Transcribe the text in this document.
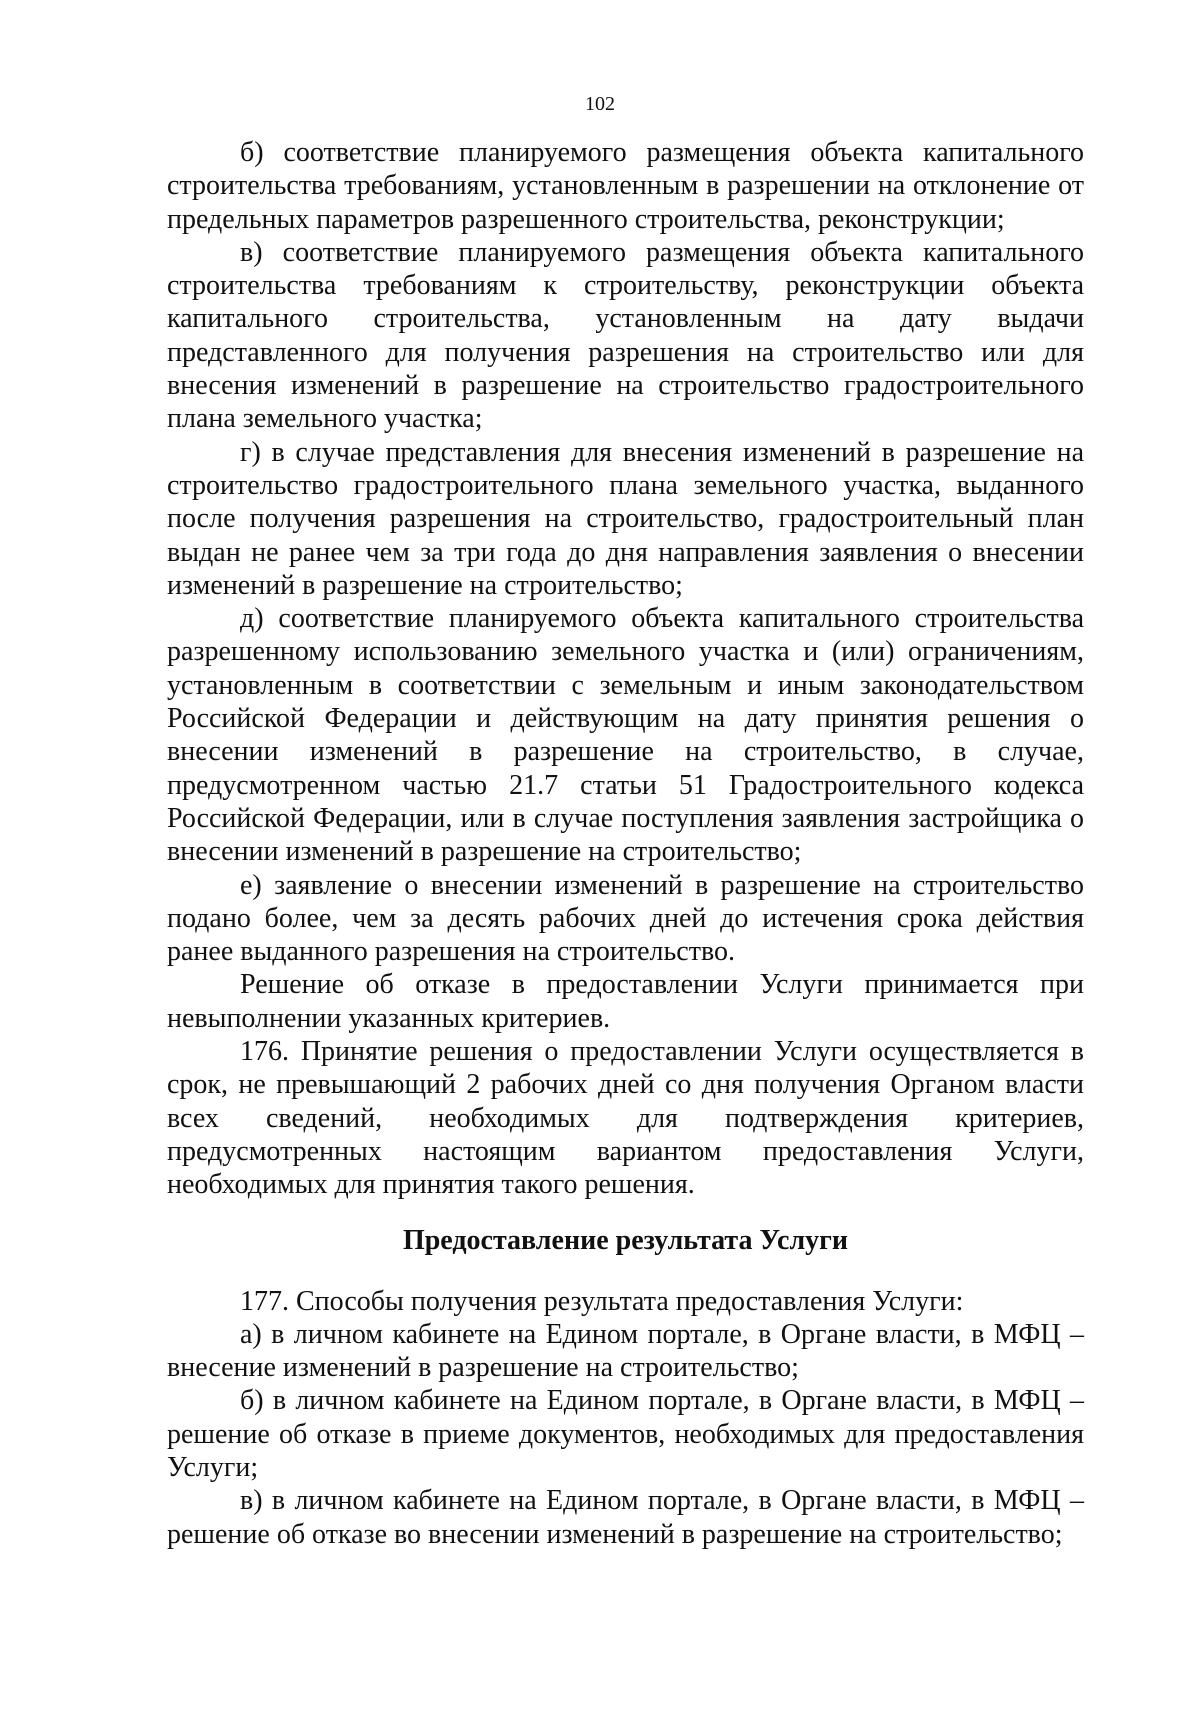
102

б) соответствие планируемого размещения объекта капитального строительства требованиям, установленным в разрешении на отклонение от предельных параметров разрешенного строительства, реконструкции;

в) соответствие планируемого размещения объекта капитального строительства требованиям к строительству, реконструкции объекта капитального строительства, установленным на дату выдачи представленного для получения разрешения на строительство или для внесения изменений в разрешение на строительство градостроительного плана земельного участка;

г) в случае представления для внесения изменений в разрешение на строительство градостроительного плана земельного участка, выданного после получения разрешения на строительство, градостроительный план выдан не ранее чем за три года до дня направления заявления о внесении изменений в разрешение на строительство;

д) соответствие планируемого объекта капитального строительства разрешенному использованию земельного участка и (или) ограничениям, установленным в соответствии с земельным и иным законодательством Российской Федерации и действующим на дату принятия решения о внесении изменений в разрешение на строительство, в случае, предусмотренном частью 21.7 статьи 51 Градостроительного кодекса Российской Федерации, или в случае поступления заявления застройщика о внесении изменений в разрешение на строительство;

е) заявление о внесении изменений в разрешение на строительство подано более, чем за десять рабочих дней до истечения срока действия ранее выданного разрешения на строительство.

Решение об отказе в предоставлении Услуги принимается при невыполнении указанных критериев.

176. Принятие решения о предоставлении Услуги осуществляется в срок, не превышающий 2 рабочих дней со дня получения Органом власти всех сведений, необходимых для подтверждения критериев, предусмотренных настоящим вариантом предоставления Услуги, необходимых для принятия такого решения.

Предоставление результата Услуги

177. Способы получения результата предоставления Услуги:

а) в личном кабинете на Едином портале, в Органе власти, в МФЦ – внесение изменений в разрешение на строительство;

б) в личном кабинете на Едином портале, в Органе власти, в МФЦ – решение об отказе в приеме документов, необходимых для предоставления Услуги;

в) в личном кабинете на Едином портале, в Органе власти, в МФЦ – решение об отказе во внесении изменений в разрешение на строительство;
